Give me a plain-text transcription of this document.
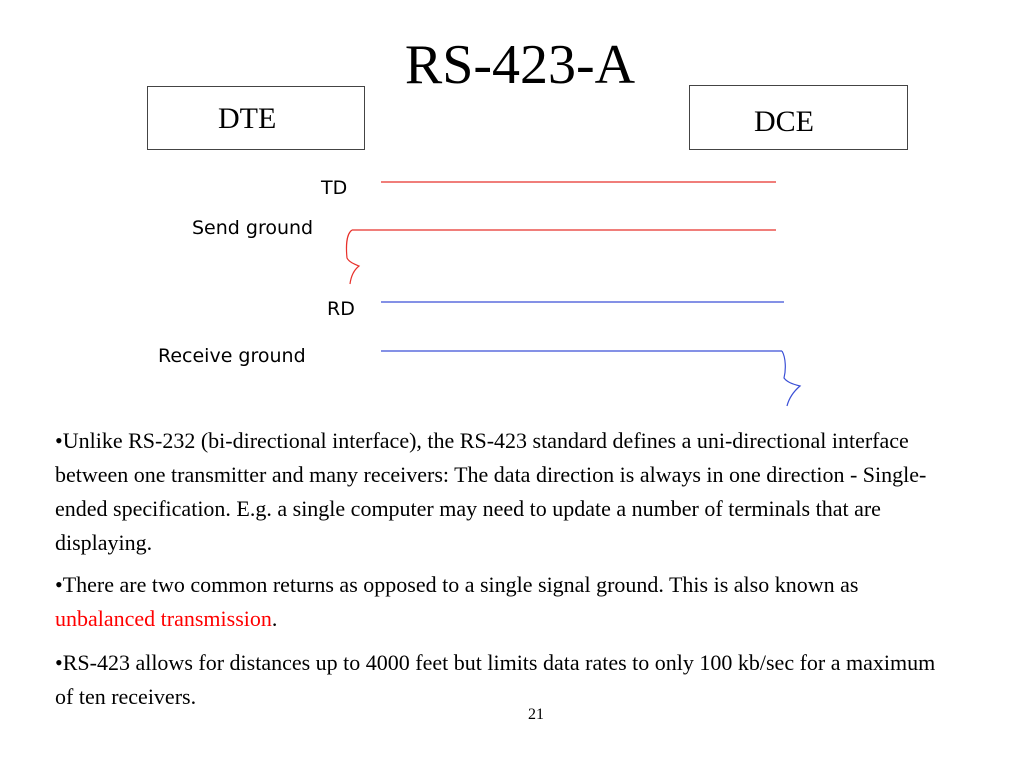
RS-423-A
DTE	DCE
TD
Send ground
RD
Receive ground

•Unlike RS-232 (bi-directional interface), the RS-423 standard defines a uni-directional interface between one transmitter and many receivers: The data direction is always in one direction - Single-ended specification. E.g. a single computer may need to update a number of terminals that are displaying.

•There are two common returns as opposed to a single signal ground. This is also known as unbalanced transmission.

•RS-423 allows for distances up to 4000 feet but limits data rates to only 100 kb/sec for a maximum of ten receivers.

21
